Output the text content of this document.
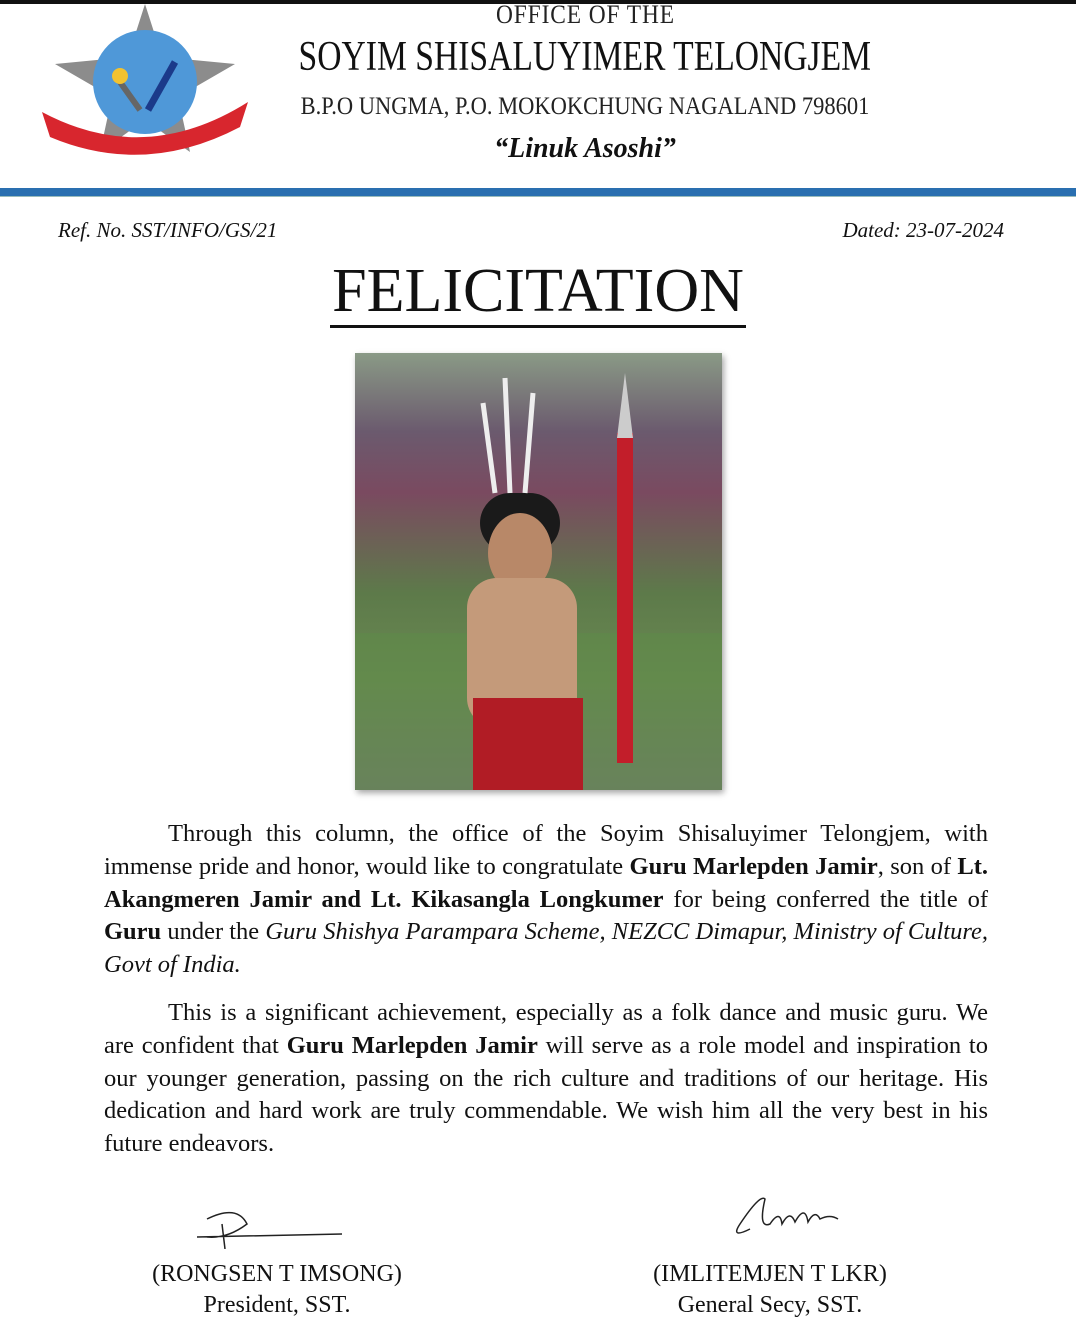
OFFICE OF THE
SOYIM SHISALUYIMER TELONGJEM
B.P.O UNGMA, P.O. MOKOKCHUNG NAGALAND 798601
“Linuk Asoshi”
Ref. No. SST/INFO/GS/21	Dated: 23-07-2024
FELICITATION

Through this column, the office of the Soyim Shisaluyimer Telongjem, with immense pride and honor, would like to congratulate Guru Marlepden Jamir, son of Lt. Akangmeren Jamir and Lt. Kikasangla Longkumer for being conferred the title of Guru under the Guru Shishya Parampara Scheme, NEZCC Dimapur, Ministry of Culture, Govt of India.

This is a significant achievement, especially as a folk dance and music guru. We are confident that Guru Marlepden Jamir will serve as a role model and inspiration to our younger generation, passing on the rich culture and traditions of our heritage. His dedication and hard work are truly commendable. We wish him all the very best in his future endeavors.

(RONGSEN T IMSONG)
President, SST.
(IMLITEMJEN T LKR)
General Secy, SST.
